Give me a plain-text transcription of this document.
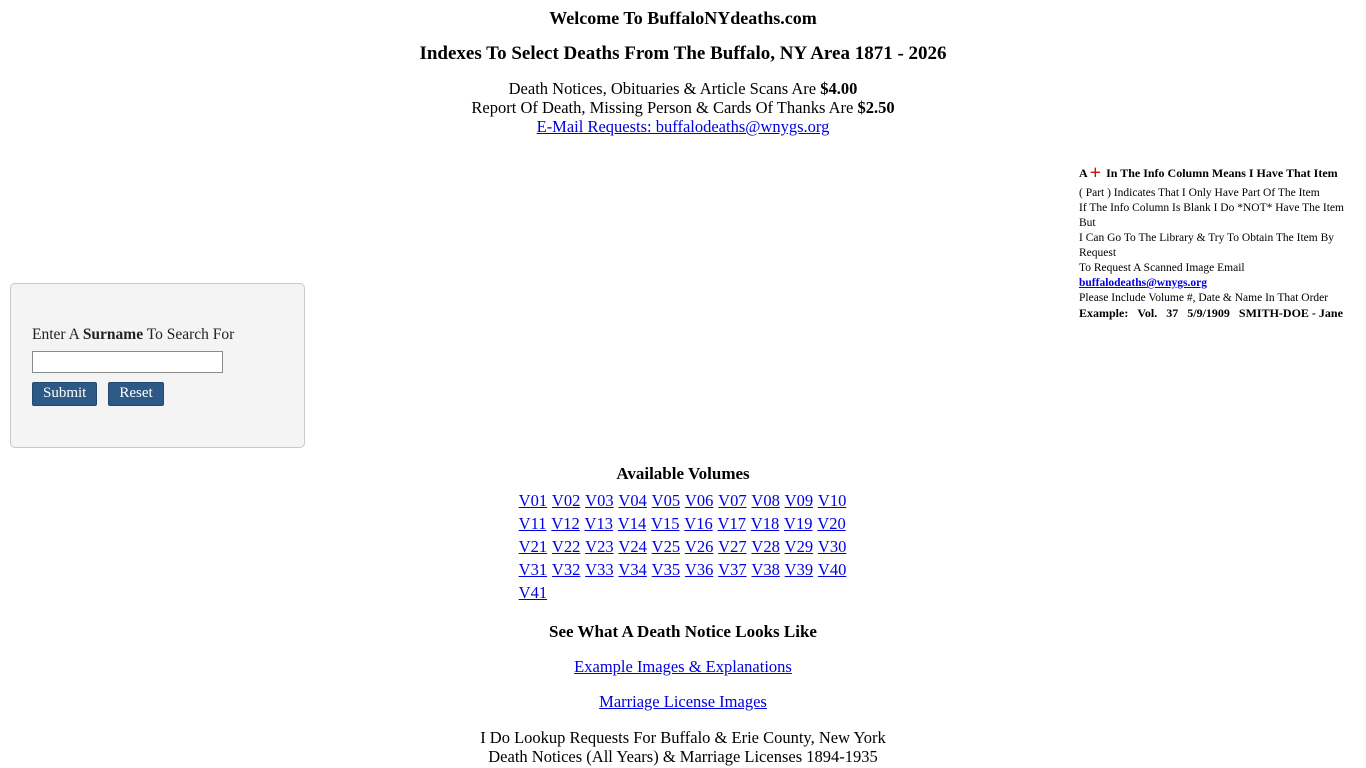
Welcome To BuffaloNYdeaths.com
Indexes To Select Deaths From The Buffalo, NY Area 1871 - 2026
Death Notices, Obituaries & Article Scans Are $4.00
Report Of Death, Missing Person & Cards Of Thanks Are $2.50
E-Mail Requests: buffalodeaths@wnygs.org
A + In The Info Column Means I Have That Item
( Part ) Indicates That I Only Have Part Of The Item
If The Info Column Is Blank I Do *NOT* Have The Item But
I Can Go To The Library & Try To Obtain The Item By Request
To Request A Scanned Image Email buffalodeaths@wnygs.org
Please Include Volume #, Date & Name In That Order
Example: Vol. 37 5/9/1909 SMITH-DOE - Jane
Enter A Surname To Search For
Submit Reset
Available Volumes
V01 V02 V03 V04 V05 V06 V07 V08 V09 V10
V11 V12 V13 V14 V15 V16 V17 V18 V19 V20
V21 V22 V23 V24 V25 V26 V27 V28 V29 V30
V31 V32 V33 V34 V35 V36 V37 V38 V39 V40
V41
See What A Death Notice Looks Like
Example Images & Explanations
Marriage License Images
I Do Lookup Requests For Buffalo & Erie County, New York
Death Notices (All Years) & Marriage Licenses 1894-1935
